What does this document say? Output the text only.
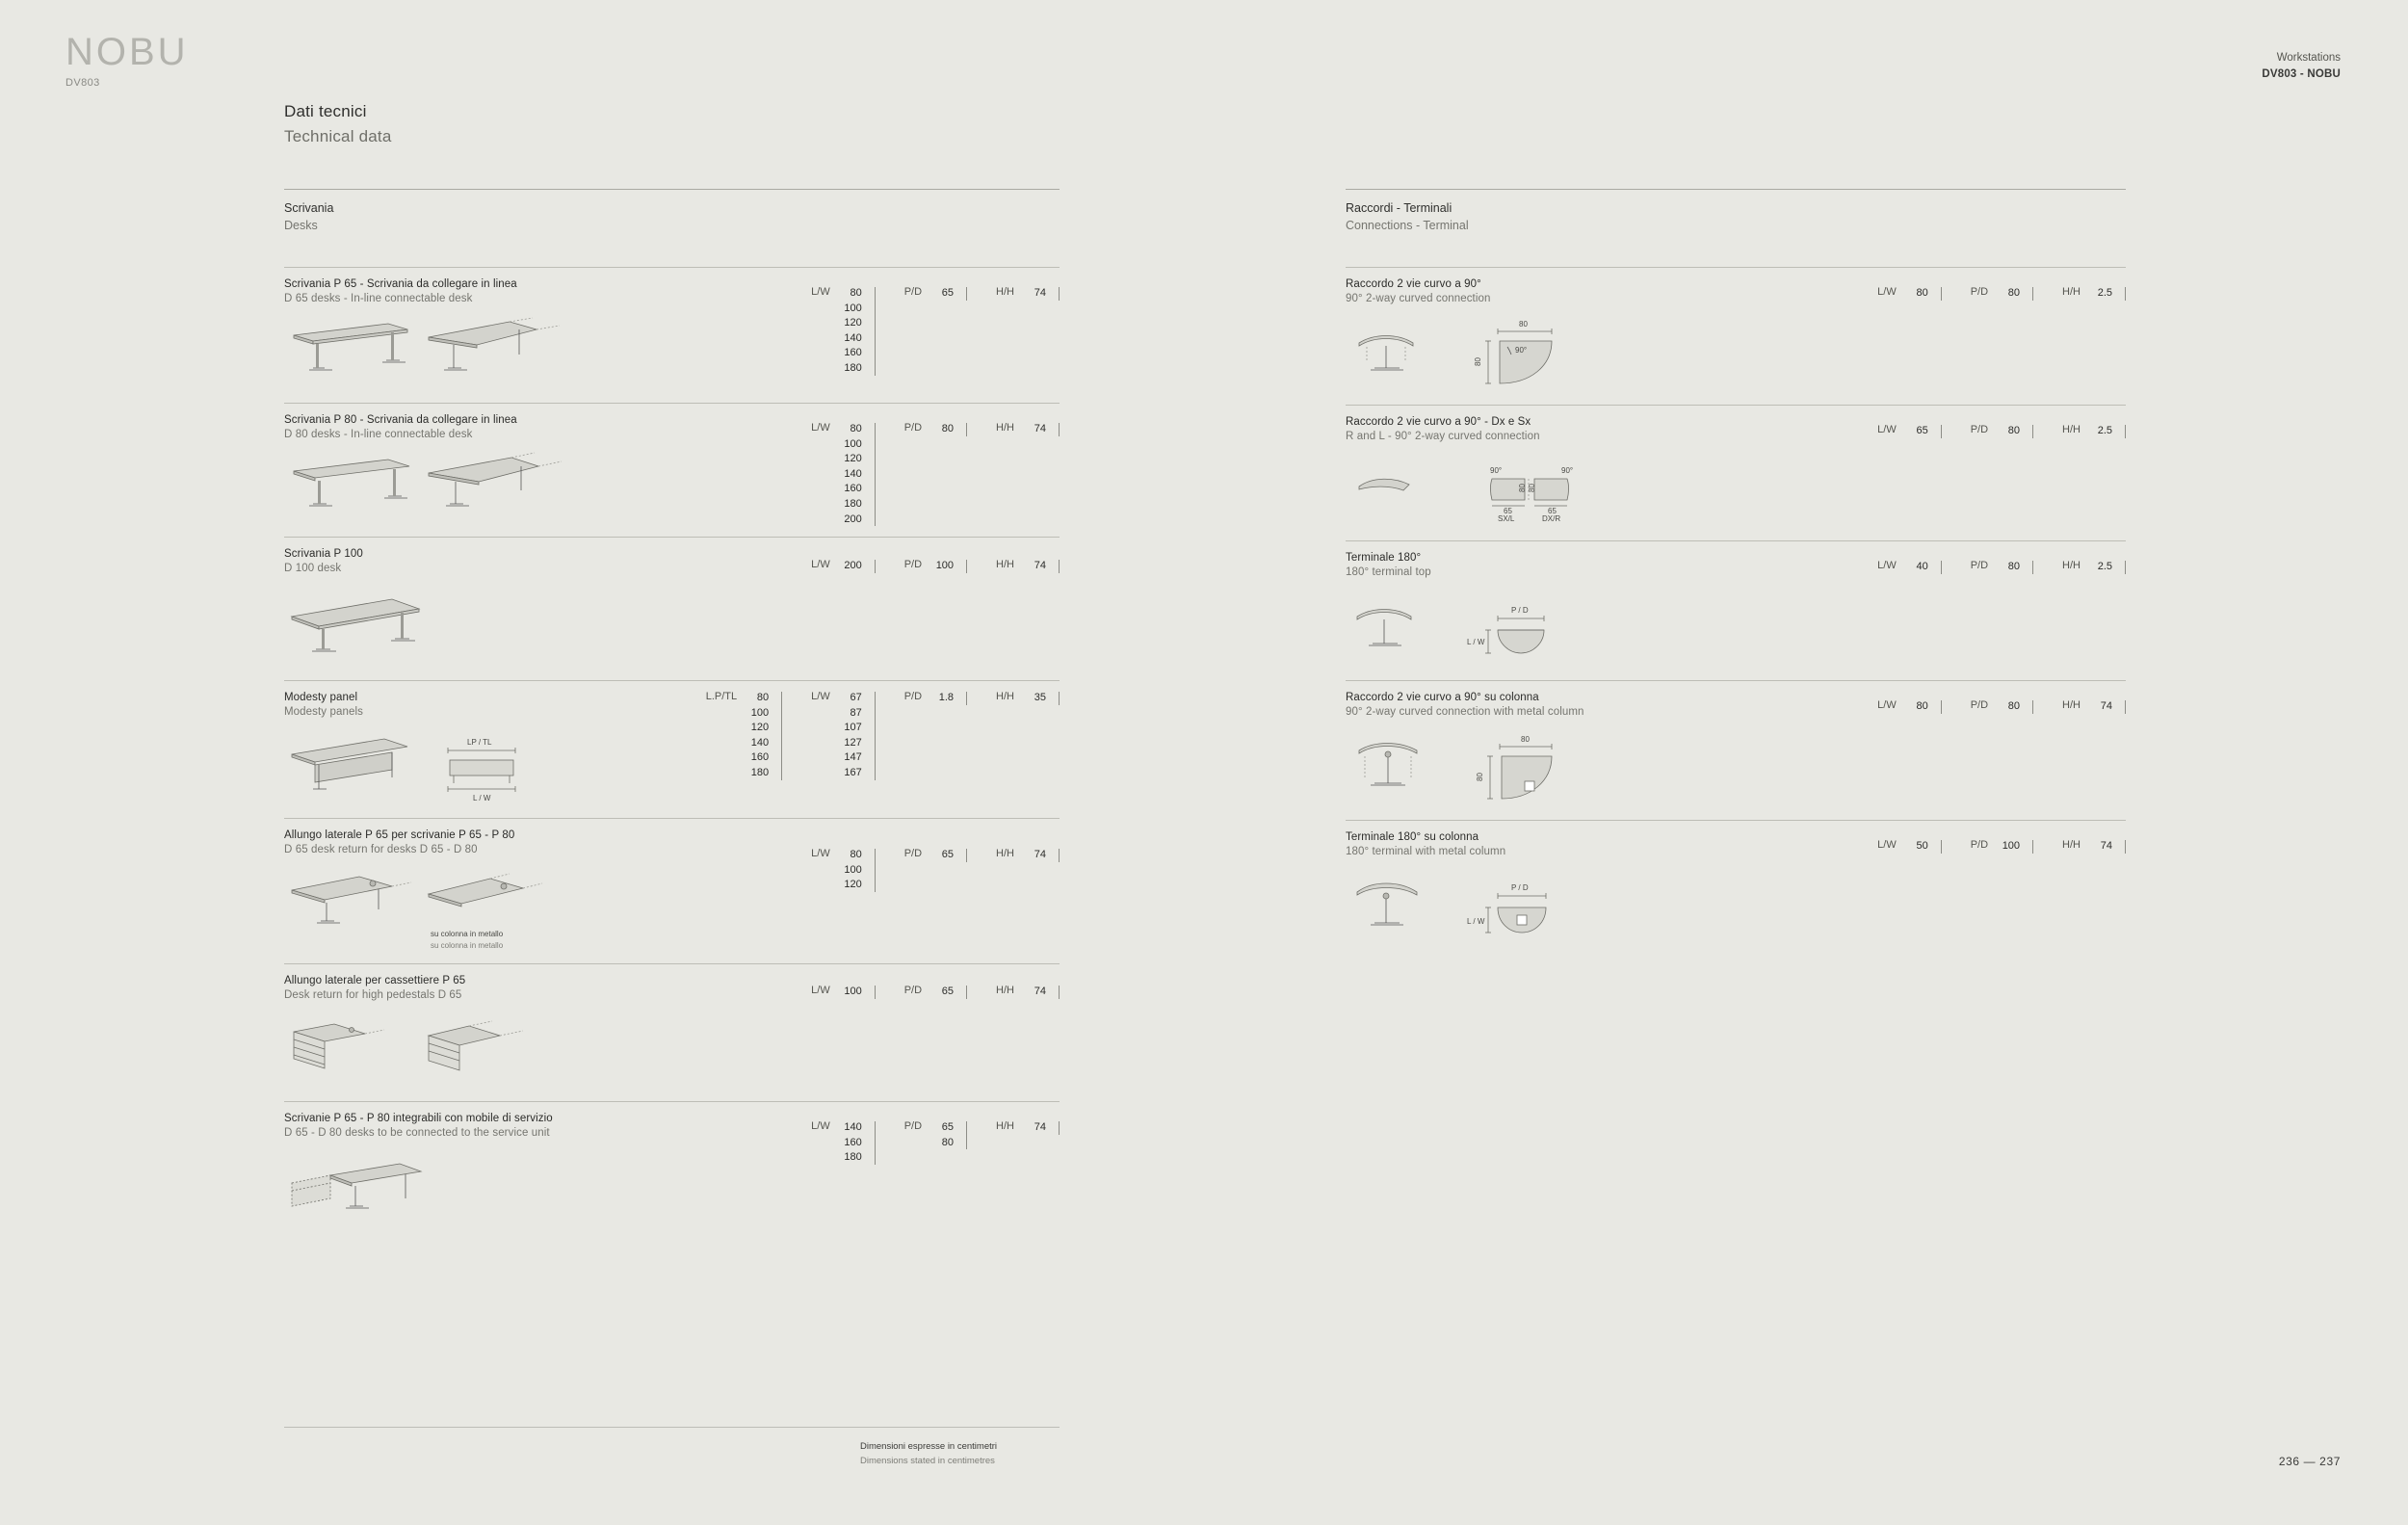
NOBU
DV803
Workstations
DV803 - NOBU
Dati tecnici
Technical data
Scrivania
Desks
Scrivania P 65 - Scrivania da collegare in linea
D 65 desks - In-line connectable desk
L/W	80
100
120
140
160
180
P/D	65	H/H	74
Scrivania P 80 - Scrivania da collegare in linea
D 80 desks - In-line connectable desk
L/W	80
100
120
140
160
180
200
P/D	80	H/H	74
Scrivania P 100
D 100 desk	L/W	200	P/D	100	H/H	74
Modesty panel
Modesty panels
L.P/TL	80
100
120
140
160
180
L/W	67
87
107
127
147
167
P/D	1.8	H/H	35
LP / TL
L / W
Allungo laterale P 65 per scrivanie P 65 - P 80
D 65 desk return for desks D 65 - D 80	L/W	80
100
120
P/D	65	H/H	74
su colonna in metallo
su colonna in metallo
Allungo laterale per cassettiere P 65
Desk return for high pedestals D 65	L/W	100	P/D	65	H/H	74
Scrivanie P 65 - P 80 integrabili con mobile di servizio
D 65 - D 80 desks to be connected to the service unit
L/W	140
160
180
P/D	65
80
H/H	74
Raccordi - Terminali
Connections - Terminal
Raccordo 2 vie curvo a 90°
90° 2-way curved connection
L/W	80	P/D	80	H/H	2.5
80
80
90°
Raccordo 2 vie curvo a 90° - Dx e Sx
R and L - 90° 2-way curved connection
L/W	65	P/D	80	H/H	2.5
90°	90°
80 80
65	65
SX/L	DX/R
Terminale 180°
180° terminal top
L/W	40	P/D	80	H/H	2.5
P / D
L / W
Raccordo 2 vie curvo a 90° su colonna
90° 2-way curved connection with metal column
L/W	80	P/D	80	H/H	74
80
80
Terminale 180° su colonna
180° terminal with metal column
L/W	50	P/D	100	H/H	74
P / D
L / W
Dimensioni espresse in centimetri
Dimensions stated in centimetres	236 — 237
